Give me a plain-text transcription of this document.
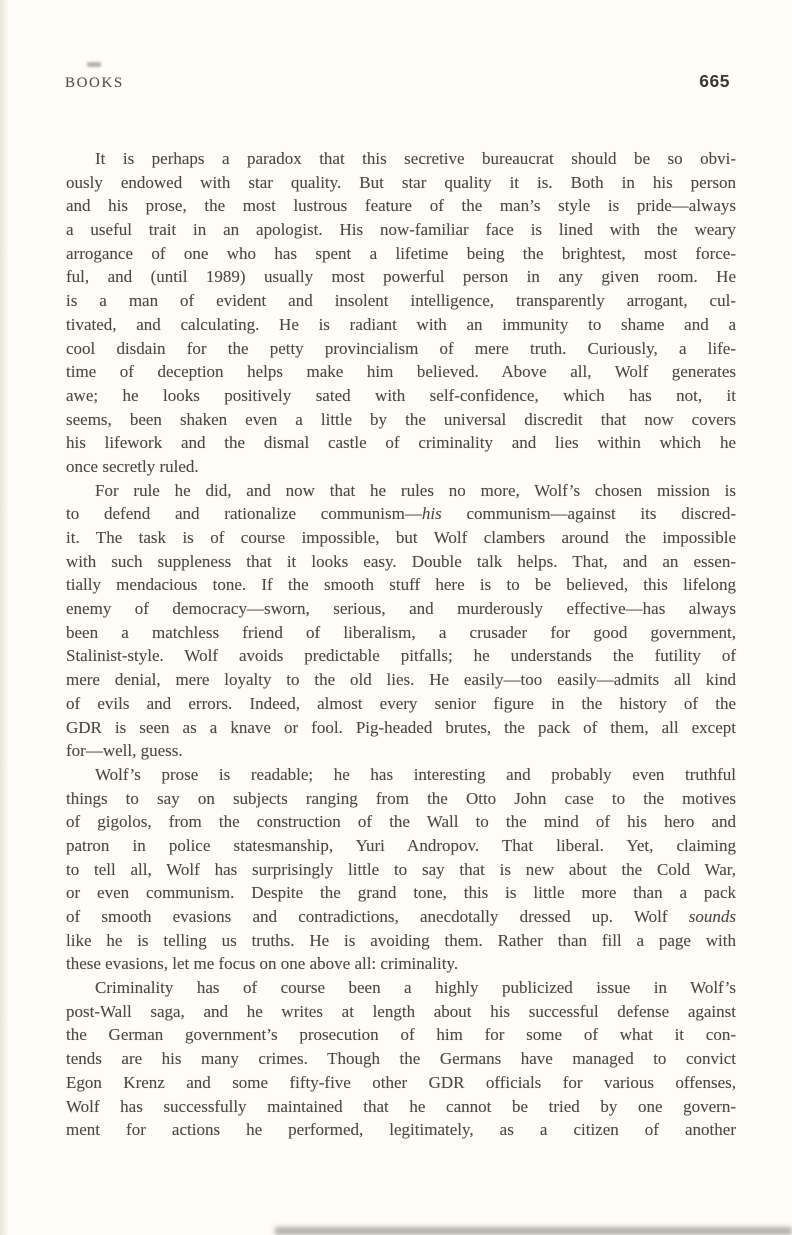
BOOKS	665
It is perhaps a paradox that this secretive bureaucrat should be so obvi-
ously endowed with star quality. But star quality it is. Both in his person
and his prose, the most lustrous feature of the man’s style is pride—always
a useful trait in an apologist. His now-familiar face is lined with the weary
arrogance of one who has spent a lifetime being the brightest, most force-
ful, and (until 1989) usually most powerful person in any given room. He
is a man of evident and insolent intelligence, transparently arrogant, cul-
tivated, and calculating. He is radiant with an immunity to shame and a
cool disdain for the petty provincialism of mere truth. Curiously, a life-
time of deception helps make him believed. Above all, Wolf generates
awe; he looks positively sated with self-confidence, which has not, it
seems, been shaken even a little by the universal discredit that now covers
his lifework and the dismal castle of criminality and lies within which he
once secretly ruled.
For rule he did, and now that he rules no more, Wolf’s chosen mission is
to defend and rationalize communism—his communism—against its discred-
it. The task is of course impossible, but Wolf clambers around the impossible
with such suppleness that it looks easy. Double talk helps. That, and an essen-
tially mendacious tone. If the smooth stuff here is to be believed, this lifelong
enemy of democracy—sworn, serious, and murderously effective—has always
been a matchless friend of liberalism, a crusader for good government,
Stalinist-style. Wolf avoids predictable pitfalls; he understands the futility of
mere denial, mere loyalty to the old lies. He easily—too easily—admits all kind
of evils and errors. Indeed, almost every senior figure in the history of the
GDR is seen as a knave or fool. Pig-headed brutes, the pack of them, all except
for—well, guess.
Wolf’s prose is readable; he has interesting and probably even truthful
things to say on subjects ranging from the Otto John case to the motives
of gigolos, from the construction of the Wall to the mind of his hero and
patron in police statesmanship, Yuri Andropov. That liberal. Yet, claiming
to tell all, Wolf has surprisingly little to say that is new about the Cold War,
or even communism. Despite the grand tone, this is little more than a pack
of smooth evasions and contradictions, anecdotally dressed up. Wolf sounds
like he is telling us truths. He is avoiding them. Rather than fill a page with
these evasions, let me focus on one above all: criminality.
Criminality has of course been a highly publicized issue in Wolf’s
post-Wall saga, and he writes at length about his successful defense against
the German government’s prosecution of him for some of what it con-
tends are his many crimes. Though the Germans have managed to convict
Egon Krenz and some fifty-five other GDR officials for various offenses,
Wolf has successfully maintained that he cannot be tried by one govern-
ment for actions he performed, legitimately, as a citizen of another
